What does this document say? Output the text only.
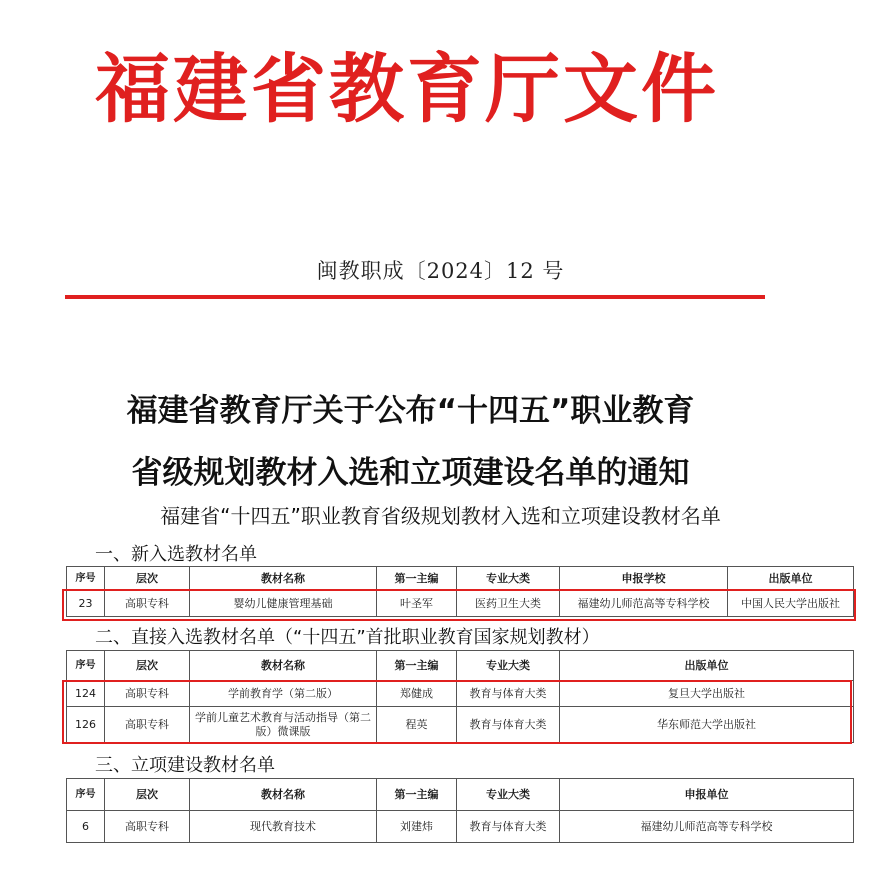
福建省教育厅文件
闽教职成〔2024〕12 号
福建省教育厅关于公布“十四五”职业教育
省级规划教材入选和立项建设名单的通知
福建省“十四五”职业教育省级规划教材入选和立项建设教材名单
一、新入选教材名单
序号	层次	教材名称	第一主编	专业大类	申报学校	出版单位
23	高职专科	婴幼儿健康管理基础	叶圣军	医药卫生大类	福建幼儿师范高等专科学校	中国人民大学出版社
二、直接入选教材名单（“十四五”首批职业教育国家规划教材）
序号	层次	教材名称	第一主编	专业大类	出版单位
124	高职专科	学前教育学（第二版）	郑健成	教育与体育大类	复旦大学出版社
126	高职专科	学前儿童艺术教育与活动指导（第二版）微课版	程英	教育与体育大类	华东师范大学出版社
三、立项建设教材名单
序号	层次	教材名称	第一主编	专业大类	申报单位
6	高职专科	现代教育技术	刘建炜	教育与体育大类	福建幼儿师范高等专科学校
